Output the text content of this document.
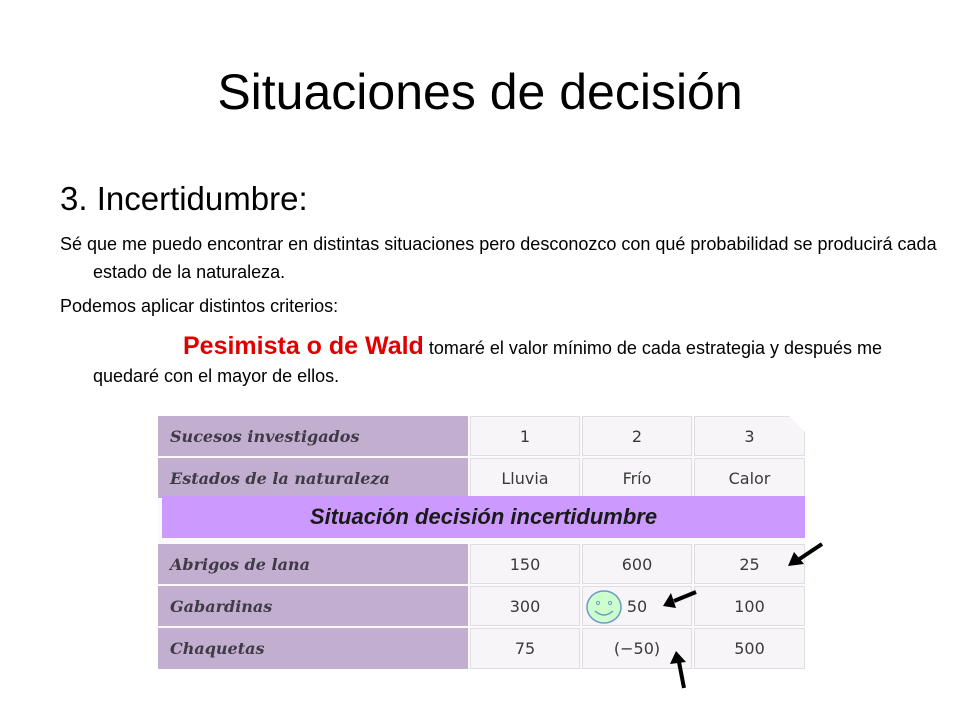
Situaciones de decisión
3. Incertidumbre:
Sé que me puedo encontrar en distintas situaciones pero desconozco con qué probabilidad se producirá cada estado de la naturaleza.
Podemos aplicar distintos criterios:
Pesimista o de Wald tomaré el valor mínimo de cada estrategia y después me quedaré con el mayor de ellos.
Sucesos investigados	1	2	3
Estados de la naturaleza	Lluvia	Frío	Calor
Abrigos de lana	150	600	25
Gabardinas	300	50	100
Chaquetas	75	(−50)	500
Situación decisión incertidumbre
